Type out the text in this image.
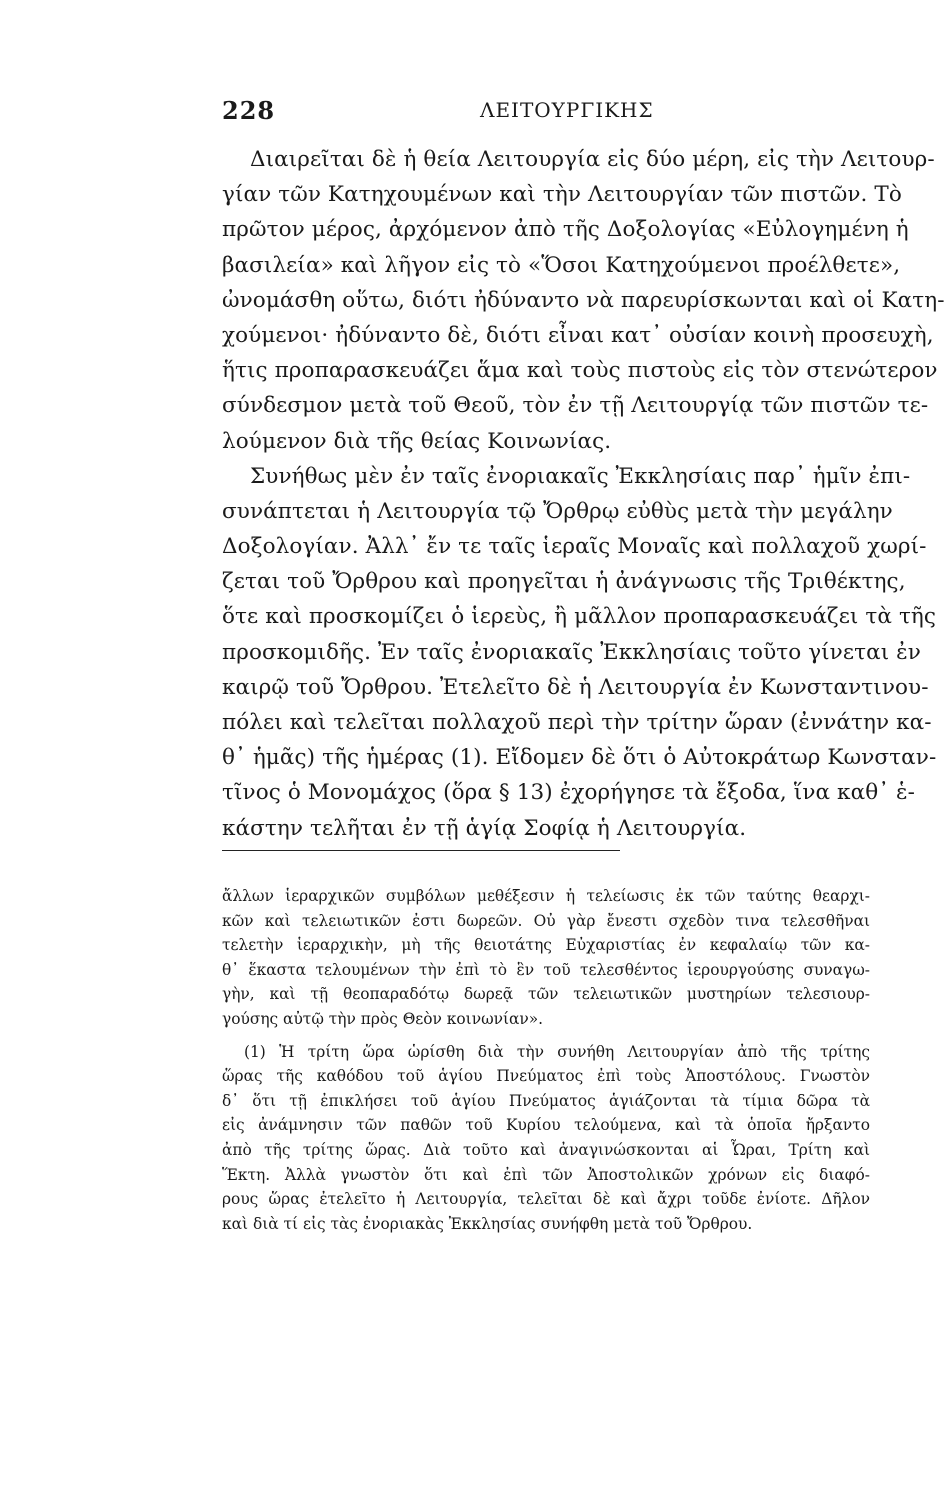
228	ΛΕΙΤΟΥΡΓΙΚΗΣ
Διαιρεῖται δὲ ἡ θεία Λειτουργία εἰς δύο μέρη, εἰς τὴν Λειτουρ-
γίαν τῶν Κατηχουμένων καὶ τὴν Λειτουργίαν τῶν πιστῶν. Τὸ
πρῶτον μέρος, ἀρχόμενον ἀπὸ τῆς Δοξολογίας «Εὐλογημένη ἡ
βασιλεία» καὶ λῆγον εἰς τὸ «Ὅσοι Κατηχούμενοι προέλθετε»,
ὠνομάσθη οὕτω, διότι ἠδύναντο νὰ παρευρίσκωνται καὶ οἱ Κατη-
χούμενοι· ἠδύναντο δὲ, διότι εἶναι κατ᾽ οὐσίαν κοινὴ προσευχὴ,
ἥτις προπαρασκευάζει ἅμα καὶ τοὺς πιστοὺς εἰς τὸν στενώτερον
σύνδεσμον μετὰ τοῦ Θεοῦ, τὸν ἐν τῇ Λειτουργίᾳ τῶν πιστῶν τε-
λούμενον διὰ τῆς θείας Κοινωνίας.
Συνήθως μὲν ἐν ταῖς ἐνοριακαῖς Ἐκκλησίαις παρ᾽ ἡμῖν ἐπι-
συνάπτεται ἡ Λειτουργία τῷ Ὄρθρῳ εὐθὺς μετὰ τὴν μεγάλην
Δοξολογίαν. Ἀλλ᾽ ἔν τε ταῖς ἱεραῖς Μοναῖς καὶ πολλαχοῦ χωρί-
ζεται τοῦ Ὄρθρου καὶ προηγεῖται ἡ ἀνάγνωσις τῆς Τριθέκτης,
ὅτε καὶ προσκομίζει ὁ ἱερεὺς, ἢ μᾶλλον προπαρασκευάζει τὰ τῆς
προσκομιδῆς. Ἐν ταῖς ἐνοριακαῖς Ἐκκλησίαις τοῦτο γίνεται ἐν
καιρῷ τοῦ Ὄρθρου. Ἐτελεῖτο δὲ ἡ Λειτουργία ἐν Κωνσταντινου-
πόλει καὶ τελεῖται πολλαχοῦ περὶ τὴν τρίτην ὥραν (ἐννάτην κα-
θ᾽ ἡμᾶς) τῆς ἡμέρας (1). Εἴδομεν δὲ ὅτι ὁ Αὐτοκράτωρ Κωνσταν-
τῖνος ὁ Μονομάχος (ὅρα § 13) ἐχορήγησε τὰ ἔξοδα, ἵνα καθ᾽ ἑ-
κάστην τελῆται ἐν τῇ ἁγίᾳ Σοφίᾳ ἡ Λειτουργία.
ἄλλων ἱεραρχικῶν συμβόλων μεθέξεσιν ἡ τελείωσις ἐκ τῶν ταύτης θεαρχι-
κῶν καὶ τελειωτικῶν ἐστι δωρεῶν. Οὐ γὰρ ἔνεστι σχεδὸν τινα τελεσθῆναι
τελετὴν ἱεραρχικὴν, μὴ τῆς θειοτάτης Εὐχαριστίας ἐν κεφαλαίῳ τῶν κα-
θ᾽ ἕκαστα τελουμένων τὴν ἐπὶ τὸ ἓν τοῦ τελεσθέντος ἱερουργούσης συναγω-
γὴν, καὶ τῇ θεοπαραδότῳ δωρεᾷ τῶν τελειωτικῶν μυστηρίων τελεσιουρ-
γούσης αὐτῷ τὴν πρὸς Θεὸν κοινωνίαν».
(1) Ἡ τρίτη ὥρα ὡρίσθη διὰ τὴν συνήθη Λειτουργίαν ἀπὸ τῆς τρίτης
ὥρας τῆς καθόδου τοῦ ἁγίου Πνεύματος ἐπὶ τοὺς Ἀποστόλους. Γνωστὸν
δ᾽ ὅτι τῇ ἐπικλήσει τοῦ ἁγίου Πνεύματος ἁγιάζονται τὰ τίμια δῶρα τὰ
εἰς ἀνάμνησιν τῶν παθῶν τοῦ Κυρίου τελούμενα, καὶ τὰ ὁποῖα ἤρξαντο
ἀπὸ τῆς τρίτης ὥρας. Διὰ τοῦτο καὶ ἀναγινώσκονται αἱ Ὧραι, Τρίτη καὶ
Ἕκτη. Ἀλλὰ γνωστὸν ὅτι καὶ ἐπὶ τῶν Ἀποστολικῶν χρόνων εἰς διαφό-
ρους ὥρας ἐτελεῖτο ἡ Λειτουργία, τελεῖται δὲ καὶ ἄχρι τοῦδε ἐνίοτε. Δῆλον
καὶ διὰ τί εἰς τὰς ἐνοριακὰς Ἐκκλησίας συνήφθη μετὰ τοῦ Ὄρθρου.
